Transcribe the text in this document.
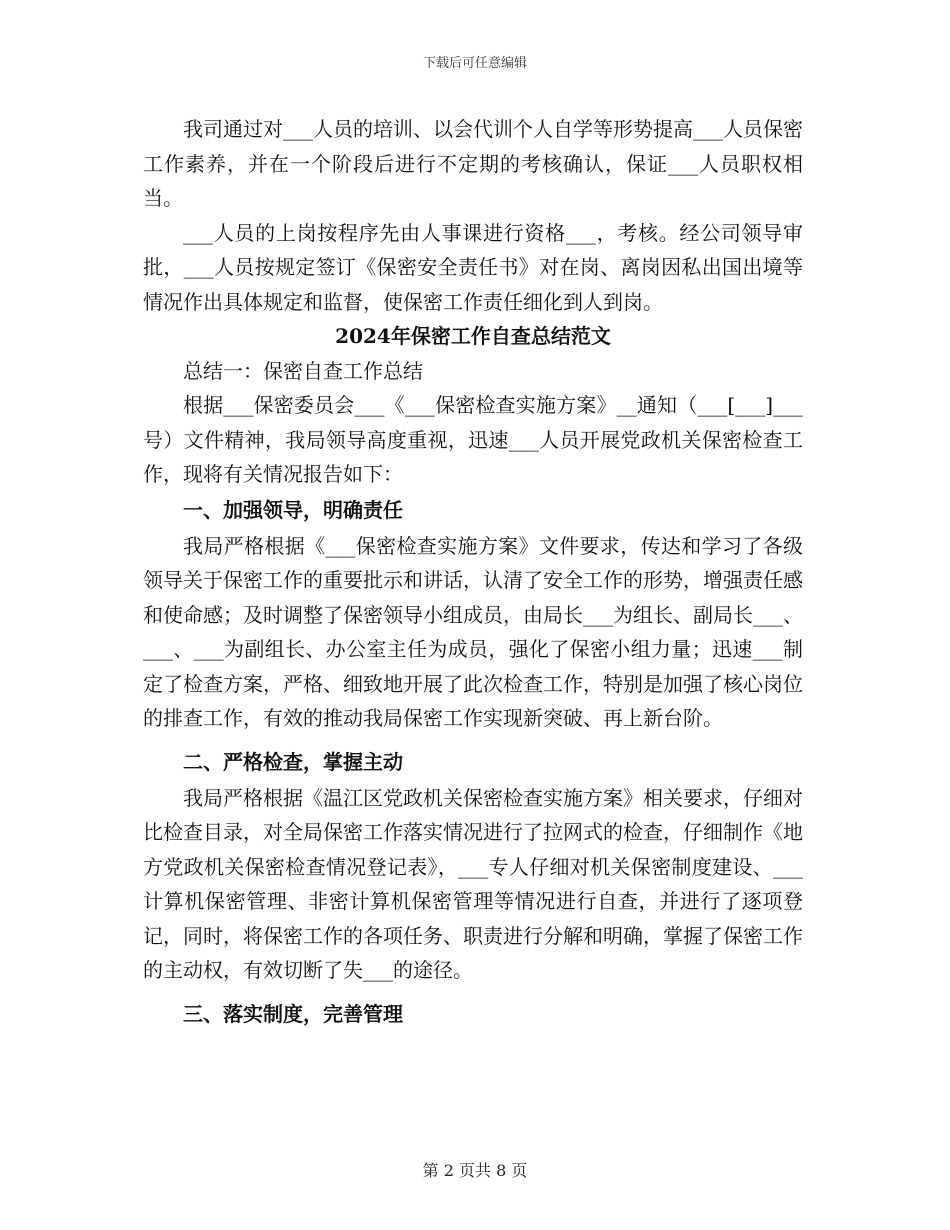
下载后可任意编辑

我司通过对___人员的培训、以会代训个人自学等形势提高___人员保密工作素养，并在一个阶段后进行不定期的考核确认，保证___人员职权相当。

___人员的上岗按程序先由人事课进行资格___，考核。经公司领导审批，___人员按规定签订《保密安全责任书》对在岗、离岗因私出国出境等情况作出具体规定和监督，使保密工作责任细化到人到岗。

2024年保密工作自查总结范文

总结一：保密自查工作总结

根据___保密委员会___《___保密检查实施方案》__通知（___[___]___号）文件精神，我局领导高度重视，迅速___人员开展党政机关保密检查工作，现将有关情况报告如下：

一、加强领导，明确责任

我局严格根据《___保密检查实施方案》文件要求，传达和学习了各级领导关于保密工作的重要批示和讲话，认清了安全工作的形势，增强责任感和使命感；及时调整了保密领导小组成员，由局长___为组长、副局长___、___、___为副组长、办公室主任为成员，强化了保密小组力量；迅速___制定了检查方案，严格、细致地开展了此次检查工作，特别是加强了核心岗位的排查工作，有效的推动我局保密工作实现新突破、再上新台阶。

二、严格检查，掌握主动

我局严格根据《温江区党政机关保密检查实施方案》相关要求，仔细对比检查目录，对全局保密工作落实情况进行了拉网式的检查，仔细制作《地方党政机关保密检查情况登记表》，___专人仔细对机关保密制度建设、___计算机保密管理、非密计算机保密管理等情况进行自查，并进行了逐项登记，同时，将保密工作的各项任务、职责进行分解和明确，掌握了保密工作的主动权，有效切断了失___的途径。

三、落实制度，完善管理

第 2 页共 8 页
